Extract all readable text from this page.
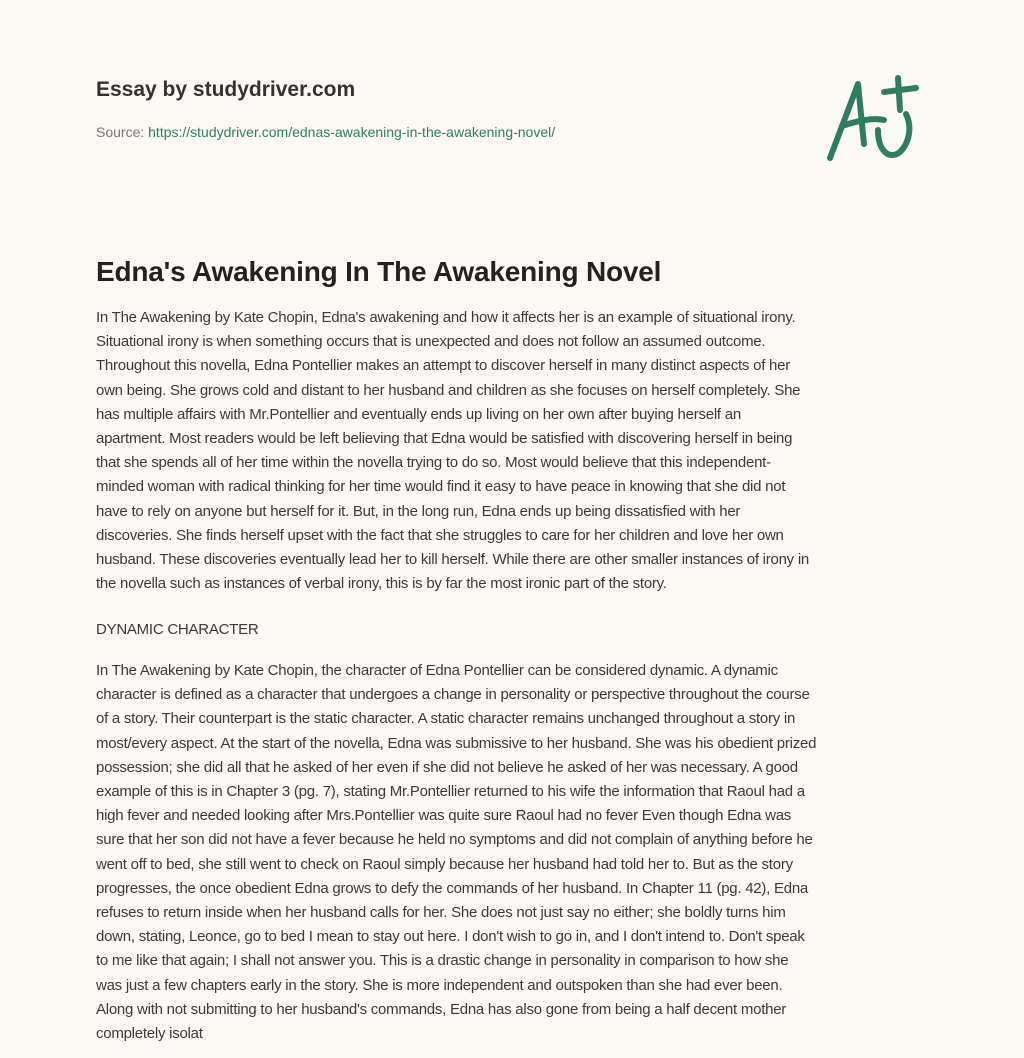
Essay by studydriver.com
Source: https://studydriver.com/ednas-awakening-in-the-awakening-novel/
Edna's Awakening In The Awakening Novel
In The Awakening by Kate Chopin, Edna's awakening and how it affects her is an example of situational irony.
Situational irony is when something occurs that is unexpected and does not follow an assumed outcome.
Throughout this novella, Edna Pontellier makes an attempt to discover herself in many distinct aspects of her
own being. She grows cold and distant to her husband and children as she focuses on herself completely. She
has multiple affairs with Mr.Pontellier and eventually ends up living on her own after buying herself an
apartment. Most readers would be left believing that Edna would be satisfied with discovering herself in being
that she spends all of her time within the novella trying to do so. Most would believe that this independent-
minded woman with radical thinking for her time would find it easy to have peace in knowing that she did not
have to rely on anyone but herself for it. But, in the long run, Edna ends up being dissatisfied with her
discoveries. She finds herself upset with the fact that she struggles to care for her children and love her own
husband. These discoveries eventually lead her to kill herself. While there are other smaller instances of irony in
the novella such as instances of verbal irony, this is by far the most ironic part of the story.
DYNAMIC CHARACTER
In The Awakening by Kate Chopin, the character of Edna Pontellier can be considered dynamic. A dynamic
character is defined as a character that undergoes a change in personality or perspective throughout the course
of a story. Their counterpart is the static character. A static character remains unchanged throughout a story in
most/every aspect. At the start of the novella, Edna was submissive to her husband. She was his obedient prized
possession; she did all that he asked of her even if she did not believe he asked of her was necessary. A good
example of this is in Chapter 3 (pg. 7), stating Mr.Pontellier returned to his wife the information that Raoul had a
high fever and needed looking after Mrs.Pontellier was quite sure Raoul had no fever Even though Edna was
sure that her son did not have a fever because he held no symptoms and did not complain of anything before he
went off to bed, she still went to check on Raoul simply because her husband had told her to. But as the story
progresses, the once obedient Edna grows to defy the commands of her husband. In Chapter 11 (pg. 42), Edna
refuses to return inside when her husband calls for her. She does not just say no either; she boldly turns him
down, stating, Leonce, go to bed I mean to stay out here. I don't wish to go in, and I don't intend to. Don't speak
to me like that again; I shall not answer you. This is a drastic change in personality in comparison to how she
was just a few chapters early in the story. She is more independent and outspoken than she had ever been.
Along with not submitting to her husband's commands, Edna has also gone from being a half decent mother
completely isolat
